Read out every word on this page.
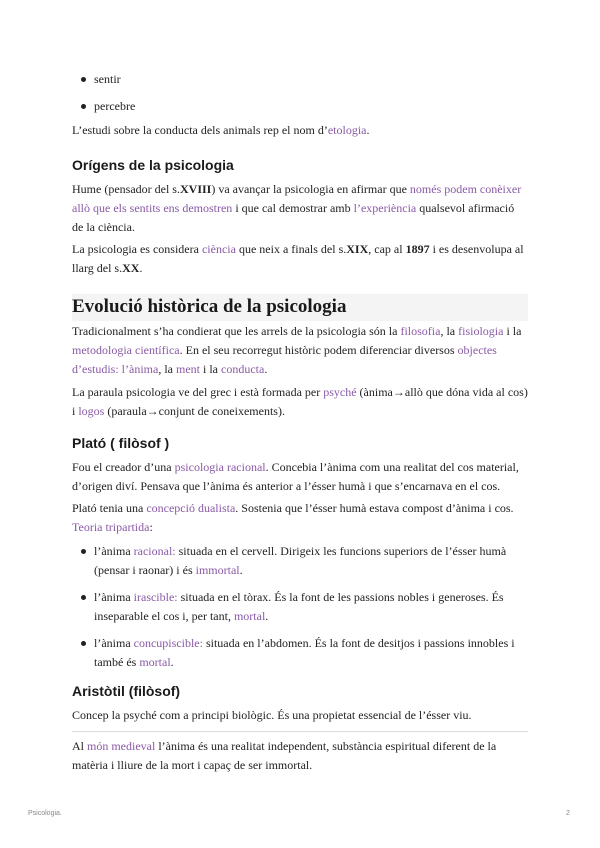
sentir
percebre

L’estudi sobre la conducta dels animals rep el nom d’etologia.

Orígens de la psicologia

Hume (pensador del s.XVIII) va avançar la psicologia en afirmar que només podem conèixer allò que els sentits ens demostren i que cal demostrar amb l’experiència qualsevol afirmació de la ciència.

La psicologia es considera ciència que neix a finals del s.XIX, cap al 1897 i es desenvolupa al llarg del s.XX.

Evolució històrica de la psicologia

Tradicionalment s’ha condierat que les arrels de la psicologia són la filosofia, la fisiologia i la metodologia científica. En el seu recorregut històric podem diferenciar diversos objectes d’estudis: l’ànima, la ment i la conducta.

La paraula psicologia ve del grec i està formada per psyché (ànima→allò que dóna vida al cos) i logos (paraula→conjunt de coneixements).

Plató ( filòsof )

Fou el creador d’una psicologia racional. Concebia l’ànima com una realitat del cos material, d’origen diví. Pensava que l’ànima és anterior a l’ésser humà i que s’encarnava en el cos.

Plató tenia una concepció dualista. Sostenia que l’ésser humà estava compost d’ànima i cos. Teoria tripartida:

l’ànima racional: situada en el cervell. Dirigeix les funcions superiors de l’ésser humà (pensar i raonar) i és immortal.
l’ànima irascible: situada en el tòrax. És la font de les passions nobles i generoses. És inseparable el cos i, per tant, mortal.
l’ànima concupiscible: situada en l’abdomen. És la font de desitjos i passions innobles i també és mortal.
Aristòtil (filòsof)

Concep la psyché com a principi biològic. És una propietat essencial de l’ésser viu.

Al món medieval l’ànima és una realitat independent, substància espiritual diferent de la matèria i lliure de la mort i capaç de ser immortal.

Psicologia.	2
